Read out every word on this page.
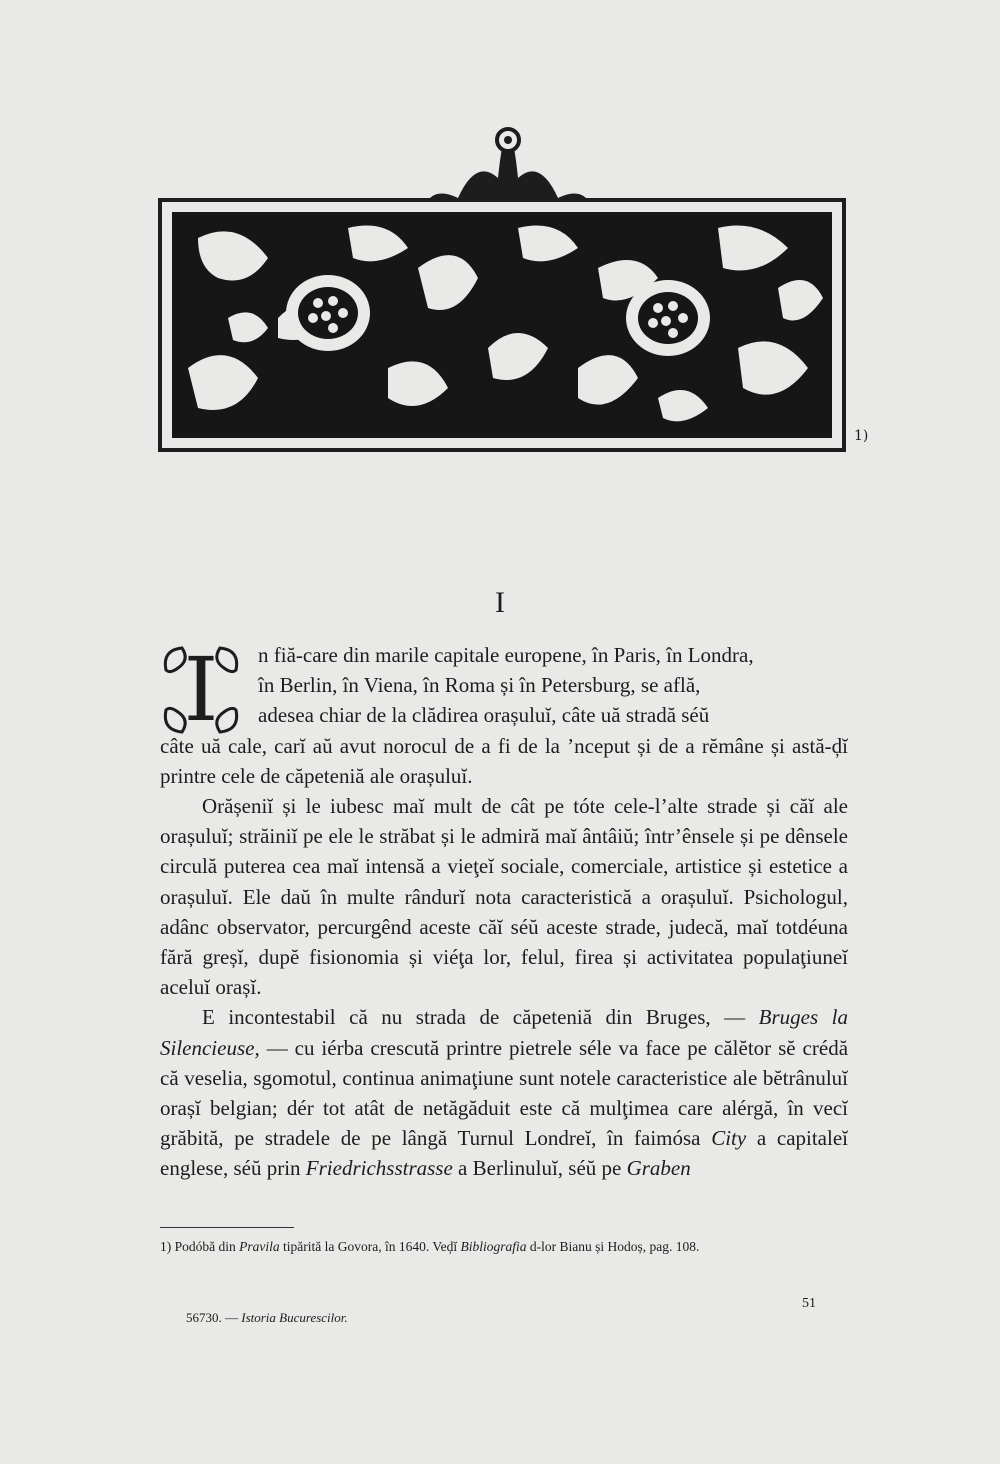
1)
I
I n fiă-care din marile capitale europene, în Paris, în Londra,
în Berlin, în Viena, în Roma și în Petersburg, se află,
adesea chiar de la clădirea orașuluĭ, câte uă stradă séŭ

câte uă cale, carĭ aŭ avut norocul de a fi de la ’nceput și de a rĕmâne și astă-ḑĭ printre cele de căpeteniă ale orașuluĭ.

Orășeniĭ și le iubesc maĭ mult de cât pe tóte cele-l’alte strade și căĭ ale orașuluĭ; străiniĭ pe ele le străbat și le admiră maĭ ântâiŭ; într’ênsele și pe dênsele circulă puterea cea maĭ intensă a vieţeĭ sociale, comerciale, artistice și estetice a orașuluĭ. Ele daŭ în multe rândurĭ nota caracteristică a orașuluĭ. Psichologul, adânc observator, percurgênd aceste căĭ séŭ aceste strade, judecă, maĭ totdéuna fără greșĭ, dupĕ fisionomia și viéţa lor, felul, firea și activitatea populaţiuneĭ aceluĭ orașĭ.

E incontestabil că nu strada de căpeteniă din Bruges, — Bruges la Silencieuse, — cu iérba crescută printre pietrele séle va face pe călĕtor sĕ crédă că veselia, sgomotul, continua animaţiune sunt notele caracteristice ale bĕtrânuluĭ orașĭ belgian; dér tot atât de netăgăduit este că mulţimea care alérgă, în vecĭ grăbită, pe stradele de pe lângă Turnul Londreĭ, în faimósa City a capitaleĭ englese, séŭ prin Friedrichsstrasse a Berlinuluĭ, séŭ pe Graben

1) Podóbă din Pravila tipărită la Govora, în 1640. Veḑĭ Bibliografia d-lor Bianu și Hodoș, pag. 108.
56730. — Istoria Bucurescilor.
51
